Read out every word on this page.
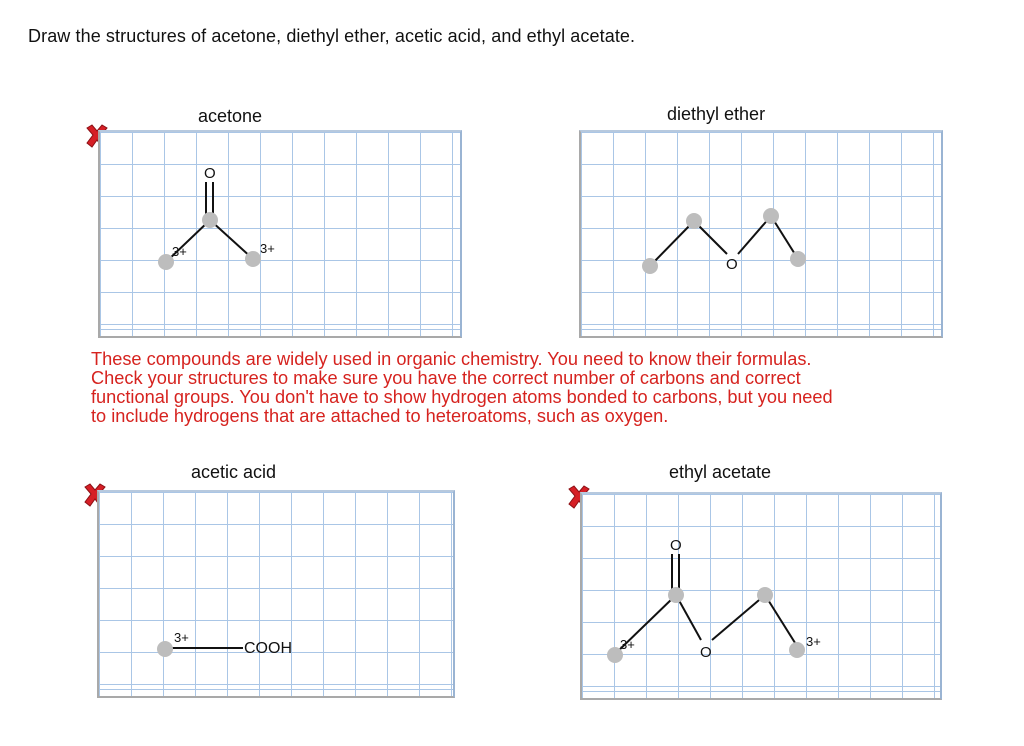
Draw the structures of acetone, diethyl ether, acetic acid, and ethyl acetate.
acetone
O
3+	3+
diethyl ether
O
These compounds are widely used in organic chemistry. You need to know their formulas.
Check your structures to make sure you have the correct number of carbons and correct
functional groups. You don't have to show hydrogen atoms bonded to carbons, but you need
to include hydrogens that are attached to heteroatoms, such as oxygen.
acetic acid
3+
COOH
ethyl acetate
O
O
3+	3+
